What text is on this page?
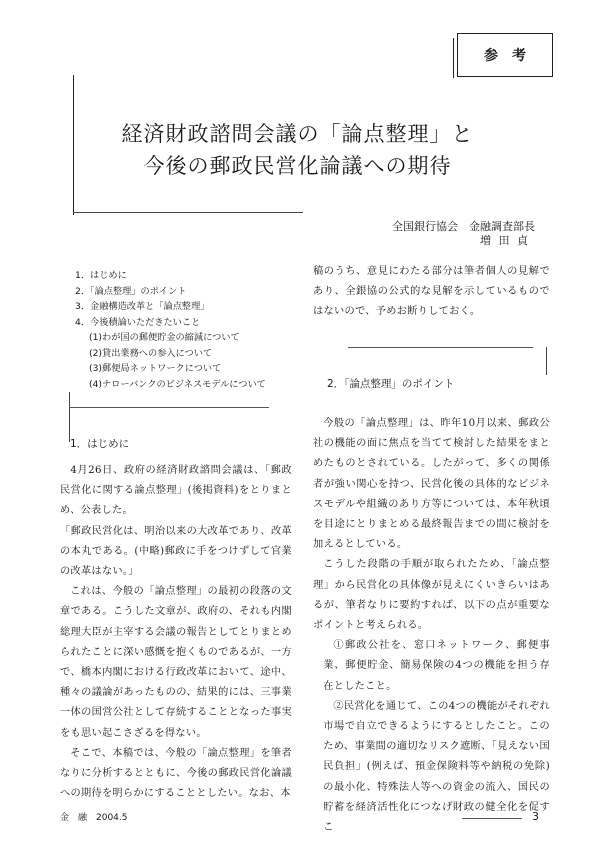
参考
経済財政諮問会議の「論点整理」と
今後の郵政民営化論議への期待
全国銀行協会　金融調査部長
増 田 貞
1．はじめに
2．「論点整理」のポイント
3．金融構造改革と「論点整理」
4．今後積論いただきたいこと
(1)わが国の郵便貯金の縮減について
(2)貸出業務への参入について
(3)郵便局ネットワークについて
(4)ナローバンクのビジネスモデルについて

稿のうち、意見にわたる部分は筆者個人の見解であり、全銀協の公式的な見解を示しているものではないので、予めお断りしておく。

2．「論点整理」のポイント
1．はじめに

4月26日、政府の経済財政諮問会議は、「郵政民営化に関する論点整理」(後掲資料)をとりまとめ、公表した。

「郵政民営化は、明治以来の大改革であり、改革の本丸である。(中略)郵政に手をつけずして官業の改革はない。」

これは、今般の「論点整理」の最初の段落の文章である。こうした文章が、政府の、それも内閣総理大臣が主宰する会議の報告としてとりまとめられたことに深い感慨を抱くものであるが、一方で、橋本内閣における行政改革において、途中、種々の議論があったものの、結果的には、三事業一体の国営公社として存続することとなった事実をも思い起こさざるを得ない。

そこで、本稿では、今般の「論点整理」を筆者なりに分析するとともに、今後の郵政民営化論議への期待を明らかにすることとしたい。なお、本

今般の「論点整理」は、昨年10月以来、郵政公社の機能の面に焦点を当てて検討した結果をまとめたものとされている。したがって、多くの関係者が強い関心を持つ、民営化後の具体的なビジネスモデルや組織のあり方等については、本年秋頃を目途にとりまとめる最終報告までの間に検討を加えるとしている。

こうした段階の手順が取られたため、「論点整理」から民営化の具体像が見えにくいきらいはあるが、筆者なりに要約すれば、以下の点が重要なポイントと考えられる。

①郵政公社を、窓口ネットワーク、郵便事業、郵便貯金、簡易保険の4つの機能を担う存在としたこと。

②民営化を通じて、この4つの機能がそれぞれ市場で自立できるようにするとしたこと。このため、事業間の適切なリスク遮断、「見えない国民負担」(例えば、預金保険料等や納税の免除)の最小化、特殊法人等への資金の流入、国民の貯蓄を経済活性化につなげ財政の健全化を促すこ

金　融　2004.5	3
